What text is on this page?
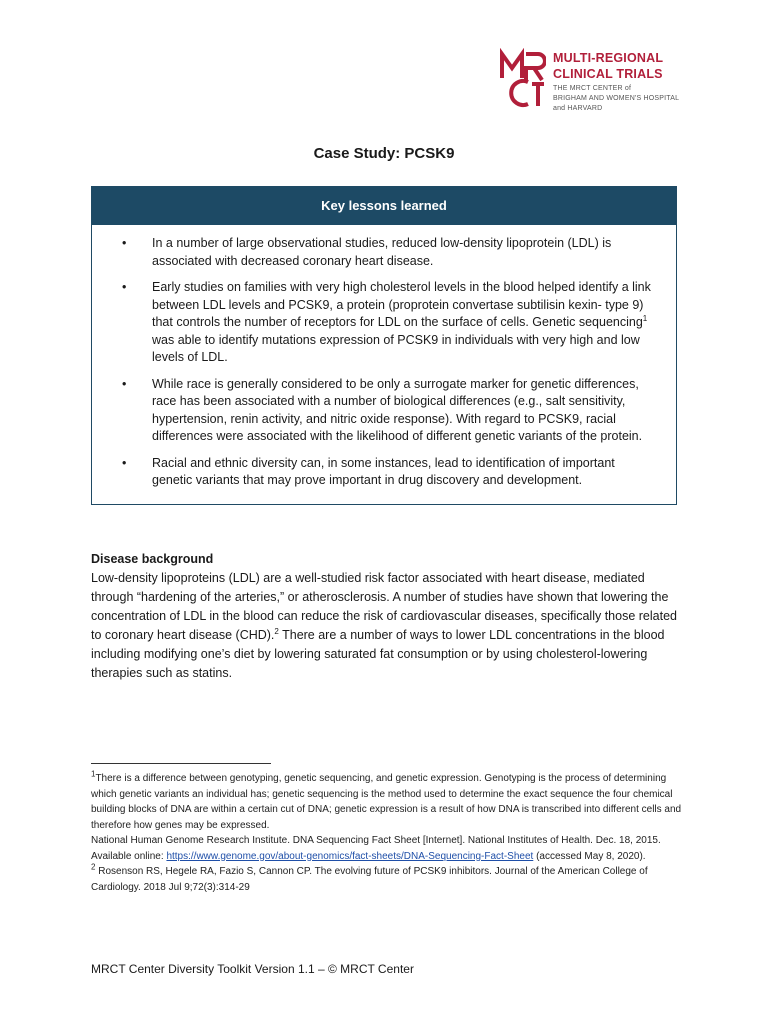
MULTI-REGIONAL
CLINICAL TRIALS
THE MRCT CENTER of
BRIGHAM AND WOMEN'S HOSPITAL
and HARVARD
Case Study: PCSK9
Key lessons learned
• In a number of large observational studies, reduced low-density lipoprotein (LDL) is associated with decreased coronary heart disease.
• Early studies on families with very high cholesterol levels in the blood helped identify a link between LDL levels and PCSK9, a protein (proprotein convertase subtilisin kexin- type 9) that controls the number of receptors for LDL on the surface of cells. Genetic sequencing$^1$ was able to identify mutations expression of PCSK9 in individuals with very high and low levels of LDL.
• While race is generally considered to be only a surrogate marker for genetic differences, race has been associated with a number of biological differences (e.g., salt sensitivity, hypertension, renin activity, and nitric oxide response). With regard to PCSK9, racial differences were associated with the likelihood of different genetic variants of the protein.
• Racial and ethnic diversity can, in some instances, lead to identification of important genetic variants that may prove important in drug discovery and development.
Disease background
Low-density lipoproteins (LDL) are a well-studied risk factor associated with heart disease, mediated through “hardening of the arteries,” or atherosclerosis. A number of studies have shown that lowering the concentration of LDL in the blood can reduce the risk of cardiovascular diseases, specifically those related to coronary heart disease (CHD).$^2$ There are a number of ways to lower LDL concentrations in the blood including modifying one’s diet by lowering saturated fat consumption or by using cholesterol-lowering therapies such as statins.

$^1$There is a difference between genotyping, genetic sequencing, and genetic expression. Genotyping is the process of determining which genetic variants an individual has; genetic sequencing is the method used to determine the exact sequence the four chemical building blocks of DNA are within a certain cut of DNA; genetic expression is a result of how DNA is transcribed into different cells and therefore how genes may be expressed.

National Human Genome Research Institute. DNA Sequencing Fact Sheet [Internet]. National Institutes of Health. Dec. 18, 2015. Available online: https://www.genome.gov/about-genomics/fact-sheets/DNA-Sequencing-Fact-Sheet (accessed May 8, 2020).

$^2$ Rosenson RS, Hegele RA, Fazio S, Cannon CP. The evolving future of PCSK9 inhibitors. Journal of the American College of Cardiology. 2018 Jul 9;72(3):314-29

MRCT Center Diversity Toolkit Version 1.1 – © MRCT Center
